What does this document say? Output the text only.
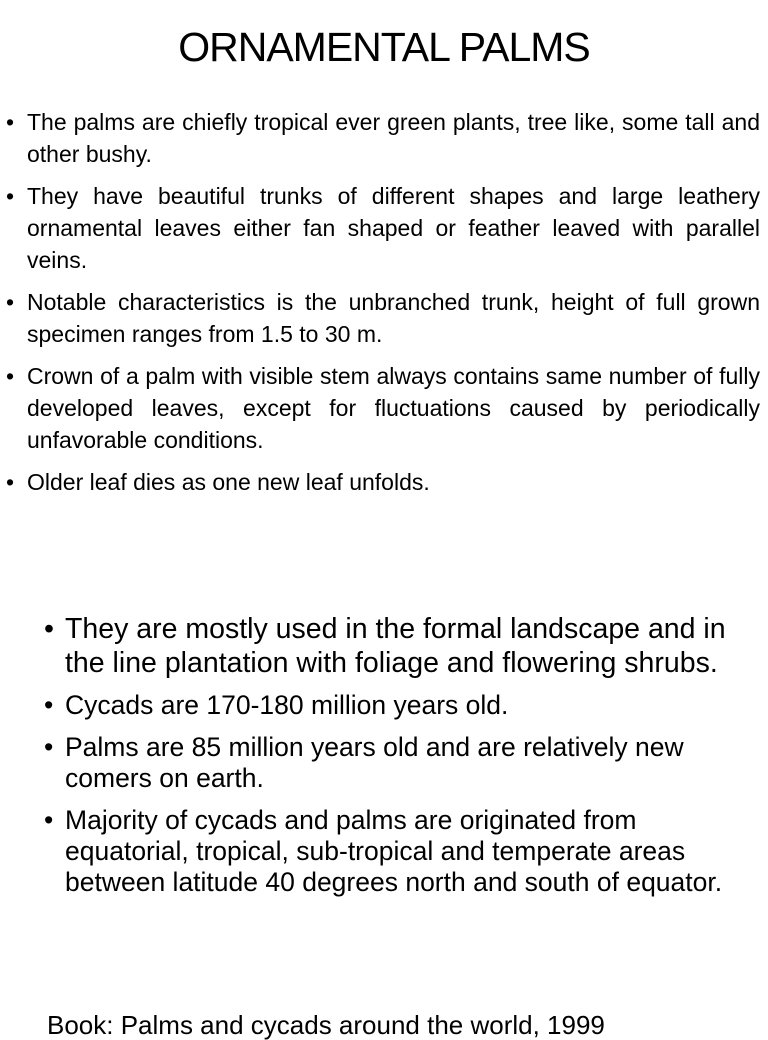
ORNAMENTAL PALMS
• The palms are chiefly tropical ever green plants, tree like, some tall and other bushy.
• They have beautiful trunks of different shapes and large leathery ornamental leaves either fan shaped or feather leaved with parallel veins.
• Notable characteristics is the unbranched trunk, height of full grown specimen ranges from 1.5 to 30 m.
• Crown of a palm with visible stem always contains same number of fully developed leaves, except for fluctuations caused by periodically unfavorable conditions.
• Older leaf dies as one new leaf unfolds.
• They are mostly used in the formal landscape and in the line plantation with foliage and flowering shrubs.
• Cycads are 170-180 million years old.
• Palms are 85 million years old and are relatively new comers on earth.
• Majority of cycads and palms are originated from equatorial, tropical, sub-tropical and temperate areas between latitude 40 degrees north and south of equator.
Book: Palms and cycads around the world, 1999
